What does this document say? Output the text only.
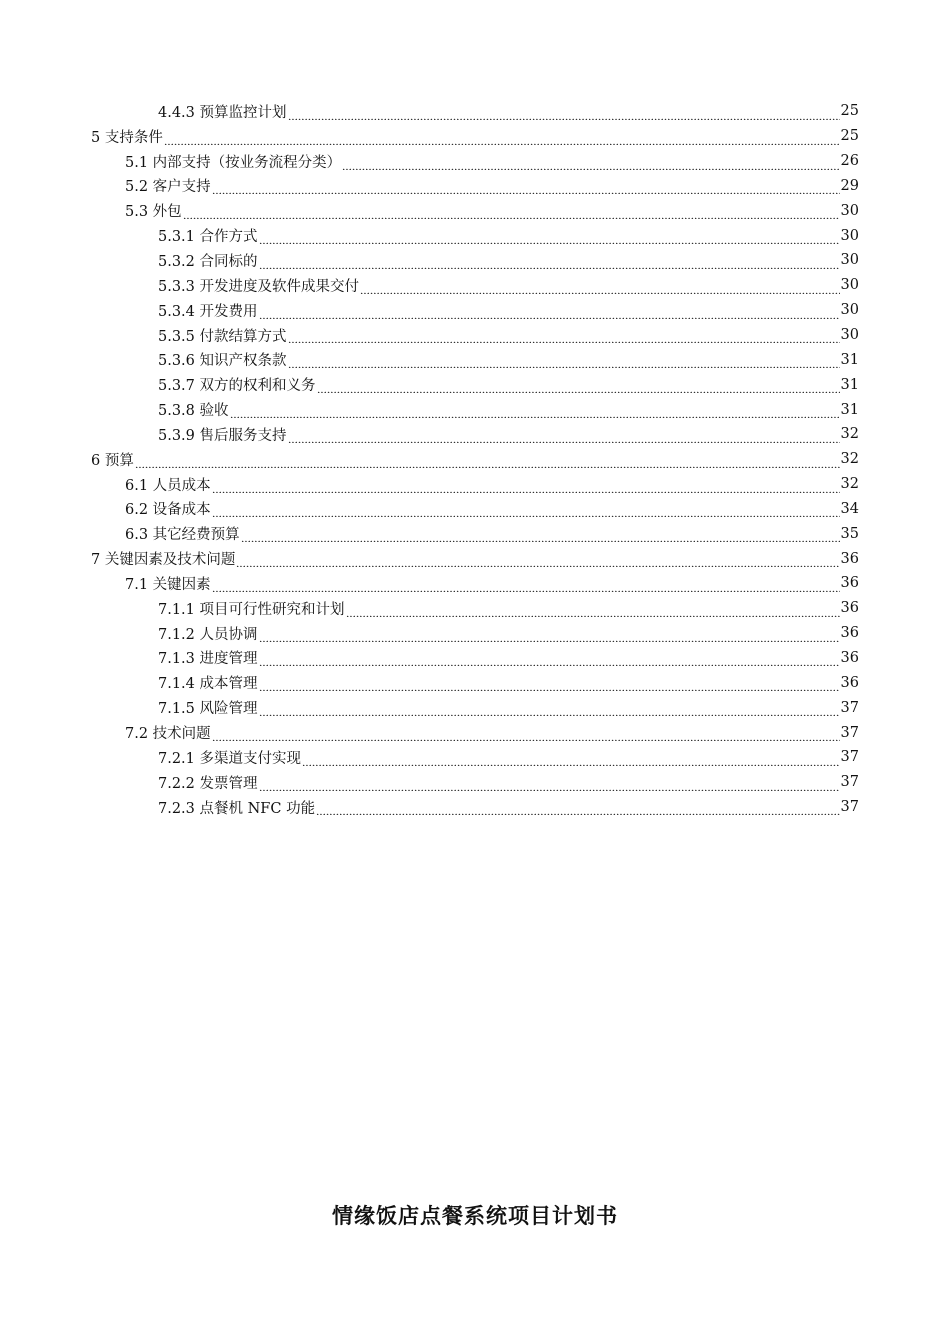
4.4.3 预算监控计划	25
5 支持条件	25
5.1 内部支持（按业务流程分类）	26
5.2 客户支持	29
5.3 外包	30
5.3.1 合作方式	30
5.3.2 合同标的	30
5.3.3 开发进度及软件成果交付	30
5.3.4 开发费用	30
5.3.5 付款结算方式	30
5.3.6 知识产权条款	31
5.3.7 双方的权利和义务	31
5.3.8 验收	31
5.3.9 售后服务支持	32
6 预算	32
6.1 人员成本	32
6.2 设备成本	34
6.3 其它经费预算	35
7 关键因素及技术问题	36
7.1 关键因素	36
7.1.1 项目可行性研究和计划	36
7.1.2 人员协调	36
7.1.3 进度管理	36
7.1.4 成本管理	36
7.1.5 风险管理	37
7.2 技术问题	37
7.2.1 多渠道支付实现	37
7.2.2 发票管理	37
7.2.3 点餐机 NFC 功能	37
情缘饭店点餐系统项目计划书
